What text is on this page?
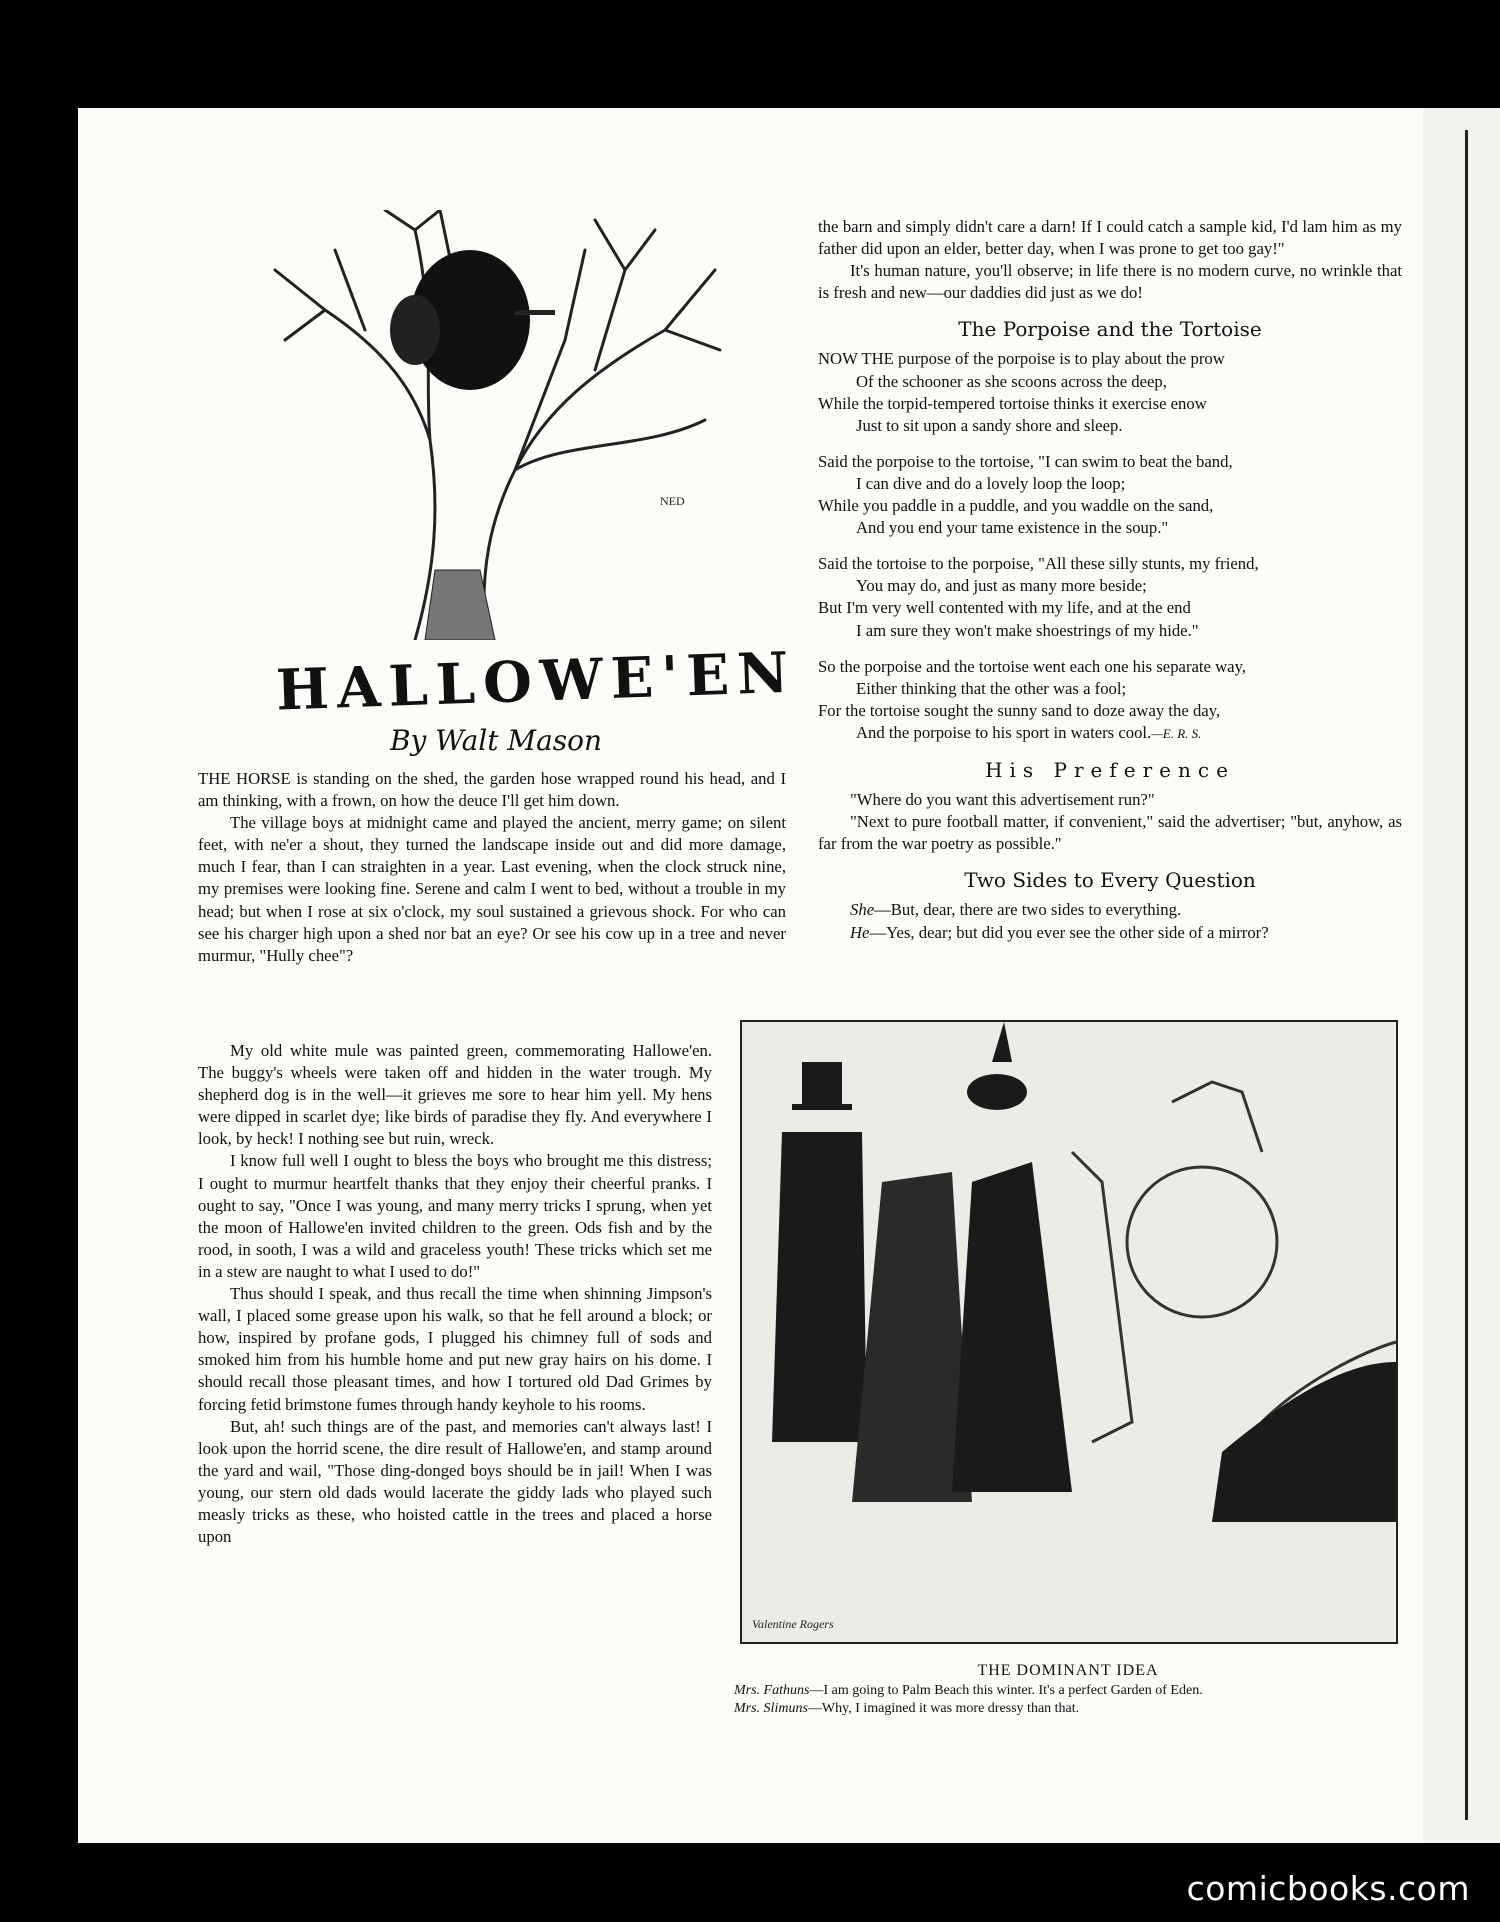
NED
HALLOWE'EN
By Walt Mason

THE HORSE is standing on the shed, the garden hose wrapped round his head, and I am thinking, with a frown, on how the deuce I'll get him down.

The village boys at midnight came and played the ancient, merry game; on silent feet, with ne'er a shout, they turned the landscape inside out and did more damage, much I fear, than I can straighten in a year. Last evening, when the clock struck nine, my premises were looking fine. Serene and calm I went to bed, without a trouble in my head; but when I rose at six o'clock, my soul sustained a grievous shock. For who can see his charger high upon a shed nor bat an eye? Or see his cow up in a tree and never murmur, "Hully chee"?

My old white mule was painted green, commemorating Hallowe'en. The buggy's wheels were taken off and hidden in the water trough. My shepherd dog is in the well—it grieves me sore to hear him yell. My hens were dipped in scarlet dye; like birds of paradise they fly. And everywhere I look, by heck! I nothing see but ruin, wreck.

I know full well I ought to bless the boys who brought me this distress; I ought to murmur heartfelt thanks that they enjoy their cheerful pranks. I ought to say, "Once I was young, and many merry tricks I sprung, when yet the moon of Hallowe'en invited children to the green. Ods fish and by the rood, in sooth, I was a wild and graceless youth! These tricks which set me in a stew are naught to what I used to do!"

Thus should I speak, and thus recall the time when shinning Jimpson's wall, I placed some grease upon his walk, so that he fell around a block; or how, inspired by profane gods, I plugged his chimney full of sods and smoked him from his humble home and put new gray hairs on his dome. I should recall those pleasant times, and how I tortured old Dad Grimes by forcing fetid brimstone fumes through handy keyhole to his rooms.

But, ah! such things are of the past, and memories can't always last! I look upon the horrid scene, the dire result of Hallowe'en, and stamp around the yard and wail, "Those ding-donged boys should be in jail! When I was young, our stern old dads would lacerate the giddy lads who played such measly tricks as these, who hoisted cattle in the trees and placed a horse upon

the barn and simply didn't care a darn! If I could catch a sample kid, I'd lam him as my father did upon an elder, better day, when I was prone to get too gay!"

It's human nature, you'll observe; in life there is no modern curve, no wrinkle that is fresh and new—our daddies did just as we do!

The Porpoise and the Tortoise

NOW THE purpose of the porpoise is to play about the prow

Of the schooner as she scoons across the deep,

While the torpid-tempered tortoise thinks it exercise enow

Just to sit upon a sandy shore and sleep.

Said the porpoise to the tortoise, "I can swim to beat the band,

I can dive and do a lovely loop the loop;

While you paddle in a puddle, and you waddle on the sand,

And you end your tame existence in the soup."

Said the tortoise to the porpoise, "All these silly stunts, my friend,

You may do, and just as many more beside;

But I'm very well contented with my life, and at the end

I am sure they won't make shoestrings of my hide."

So the porpoise and the tortoise went each one his separate way,

Either thinking that the other was a fool;

For the tortoise sought the sunny sand to doze away the day,

And the porpoise to his sport in waters cool.—E. R. S.

His Preference

"Where do you want this advertisement run?"

"Next to pure football matter, if convenient," said the advertiser; "but, anyhow, as far from the war poetry as possible."

Two Sides to Every Question

She—But, dear, there are two sides to everything.

He—Yes, dear; but did you ever see the other side of a mirror?

Valentine Rogers
THE DOMINANT IDEA
Mrs. Fathuns—I am going to Palm Beach this winter. It's a perfect Garden of Eden.
Mrs. Slimuns—Why, I imagined it was more dressy than that.
comicbooks.com
